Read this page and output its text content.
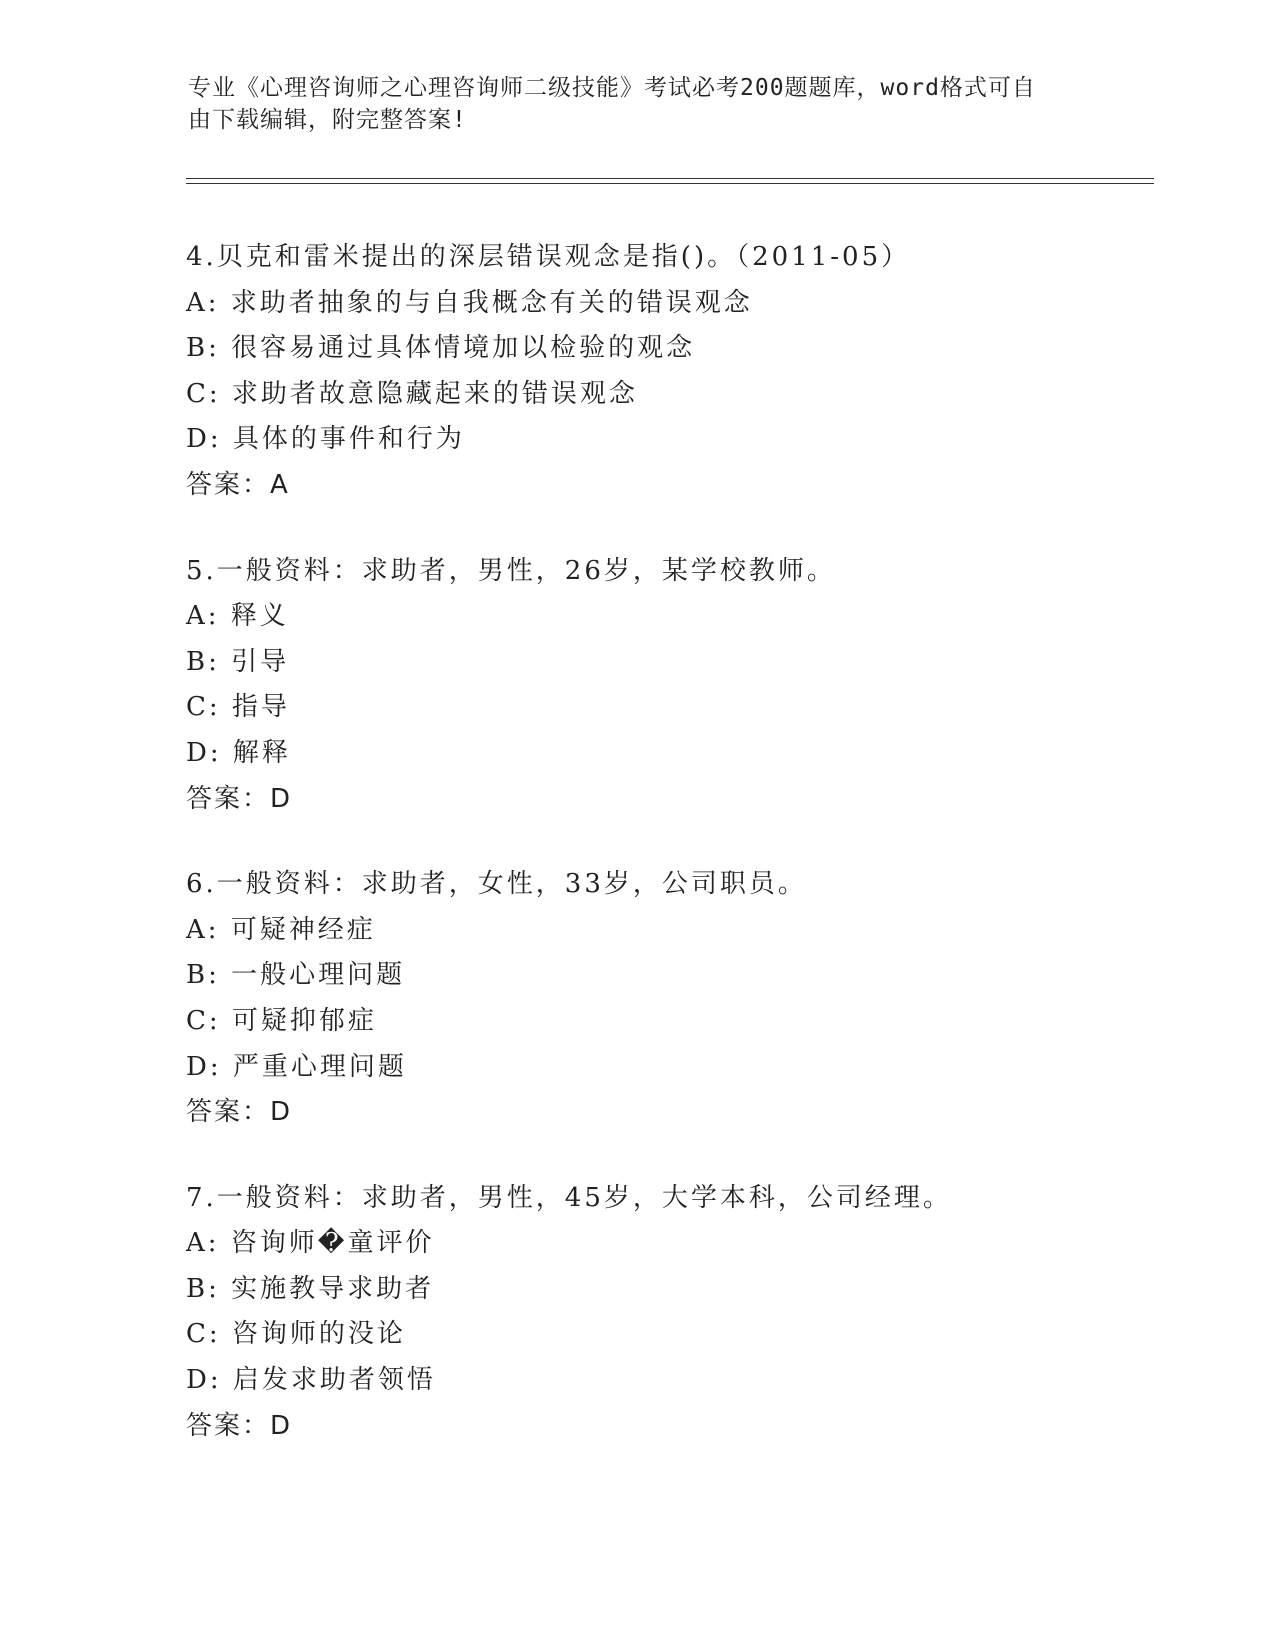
专业《心理咨询师之心理咨询师二级技能》考试必考200题题库，word格式可自
由下载编辑，附完整答案!
4.贝克和雷米提出的深层错误观念是指()。（2011-05）
A: 求助者抽象的与自我概念有关的错误观念
B: 很容易通过具体情境加以检验的观念
C: 求助者故意隐藏起来的错误观念
D: 具体的事件和行为
答案：A
5.一般资料：求助者，男性，26岁，某学校教师。
A: 释义
B: 引导
C: 指导
D: 解释
答案：D
6.一般资料：求助者，女性，33岁，公司职员。
A: 可疑神经症
B: 一般心理问题
C: 可疑抑郁症
D: 严重心理问题
答案：D
7.一般资料：求助者，男性，45岁，大学本科，公司经理。
A: 咨询师�童评价
B: 实施教导求助者
C: 咨询师的没论
D: 启发求助者领悟
答案：D
